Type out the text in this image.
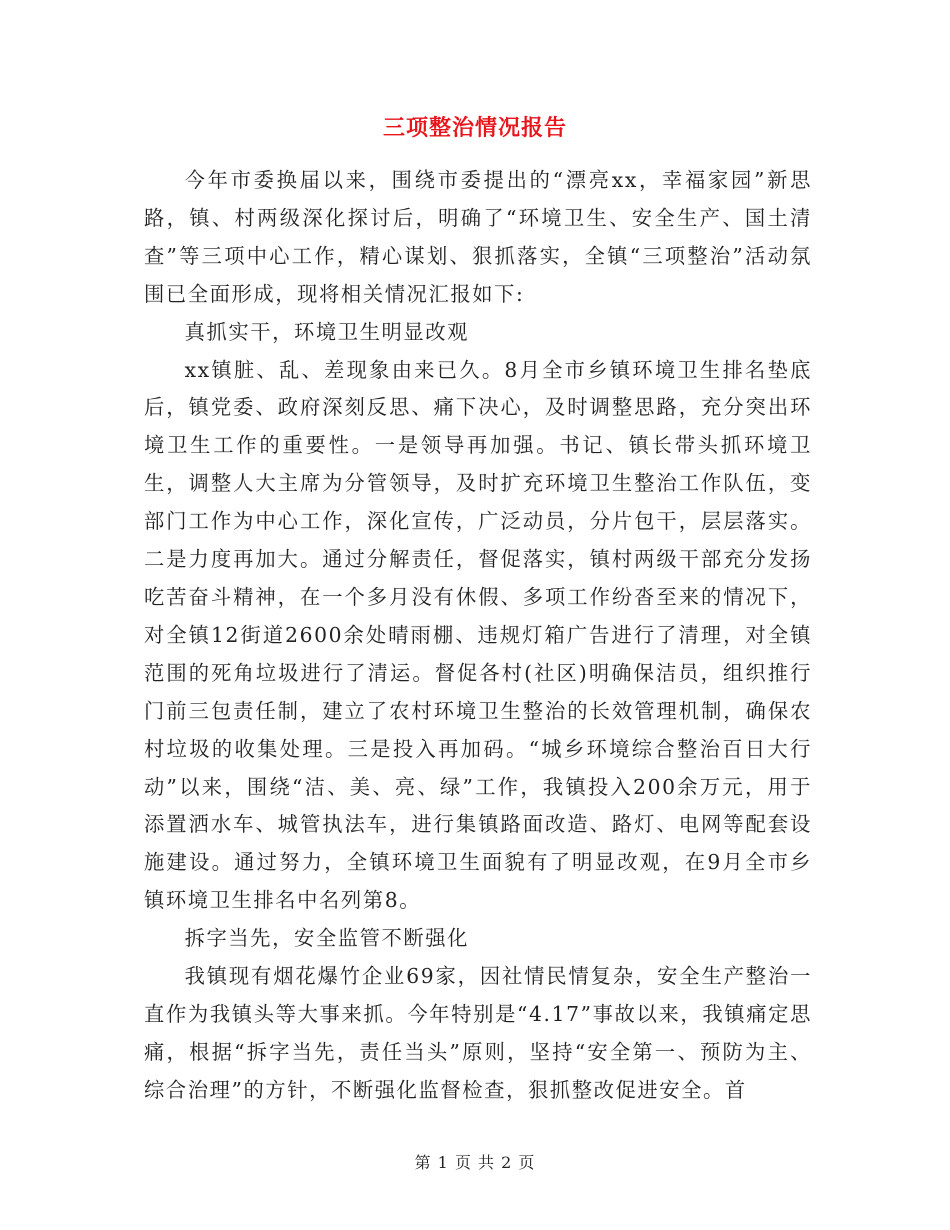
三项整治情况报告

今年市委换届以来，围绕市委提出的“漂亮xx，幸福家园”新思路，镇、村两级深化探讨后，明确了“环境卫生、安全生产、国土清查”等三项中心工作，精心谋划、狠抓落实，全镇“三项整治”活动氛围已全面形成，现将相关情况汇报如下:

真抓实干，环境卫生明显改观

xx镇脏、乱、差现象由来已久。8月全市乡镇环境卫生排名垫底后，镇党委、政府深刻反思、痛下决心，及时调整思路，充分突出环境卫生工作的重要性。一是领导再加强。书记、镇长带头抓环境卫生，调整人大主席为分管领导，及时扩充环境卫生整治工作队伍，变部门工作为中心工作，深化宣传，广泛动员，分片包干，层层落实。二是力度再加大。通过分解责任，督促落实，镇村两级干部充分发扬吃苦奋斗精神，在一个多月没有休假、多项工作纷沓至来的情况下，对全镇12街道2600余处晴雨棚、违规灯箱广告进行了清理，对全镇范围的死角垃圾进行了清运。督促各村(社区)明确保洁员，组织推行门前三包责任制，建立了农村环境卫生整治的长效管理机制，确保农村垃圾的收集处理。三是投入再加码。“城乡环境综合整治百日大行动”以来，围绕“洁、美、亮、绿”工作，我镇投入200余万元，用于添置洒水车、城管执法车，进行集镇路面改造、路灯、电网等配套设施建设。通过努力，全镇环境卫生面貌有了明显改观，在9月全市乡镇环境卫生排名中名列第8。

拆字当先，安全监管不断强化

我镇现有烟花爆竹企业69家，因社情民情复杂，安全生产整治一直作为我镇头等大事来抓。今年特别是“4.17”事故以来，我镇痛定思痛，根据“拆字当先，责任当头”原则，坚持“安全第一、预防为主、综合治理”的方针，不断强化监督检查，狠抓整改促进安全。首

第 1 页 共 2 页
